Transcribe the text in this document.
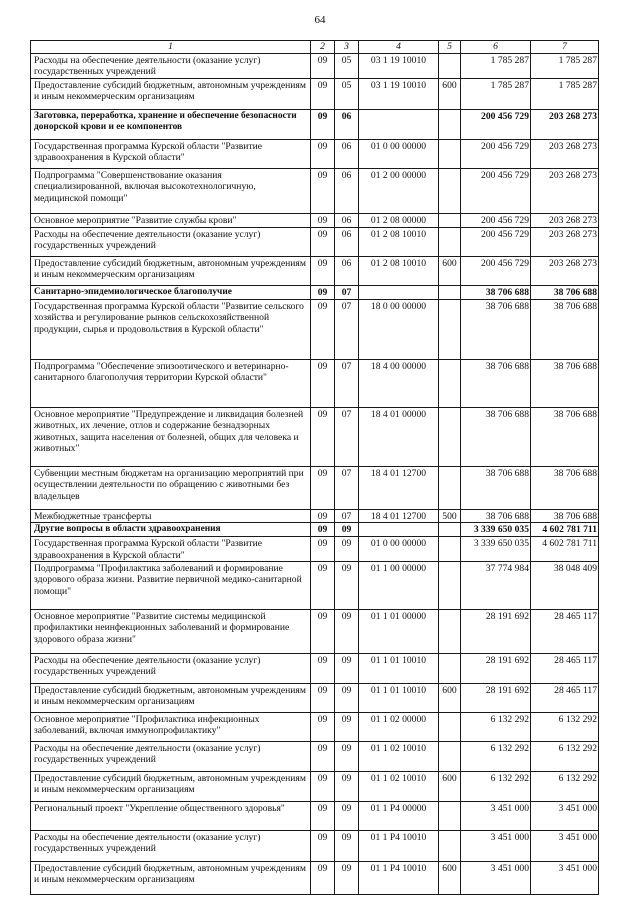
64
1	2	3	4	5	6	7
Расходы на обеспечение деятельности (оказание услуг) государственных учреждений	09	05	03 1 19 10010		1 785 287	1 785 287
Предоставление субсидий бюджетным, автономным учреждениям и иным некоммерческим организациям	09	05	03 1 19 10010	600	1 785 287	1 785 287
Заготовка, переработка, хранение и обеспечение безопасности донорской крови и ее компонентов	09	06			200 456 729	203 268 273
Государственная программа Курской области "Развитие здравоохранения в Курской области"	09	06	01 0 00 00000		200 456 729	203 268 273
Подпрограмма "Совершенствование оказания специализированной, включая высокотехнологичную, медицинской помощи"	09	06	01 2 00 00000		200 456 729	203 268 273
Основное мероприятие "Развитие службы крови"	09	06	01 2 08 00000		200 456 729	203 268 273
Расходы на обеспечение деятельности (оказание услуг) государственных учреждений	09	06	01 2 08 10010		200 456 729	203 268 273
Предоставление субсидий бюджетным, автономным учреждениям и иным некоммерческим организациям	09	06	01 2 08 10010	600	200 456 729	203 268 273
Санитарно-эпидемиологическое благополучие	09	07			38 706 688	38 706 688
Государственная программа Курской области "Развитие сельского хозяйства и регулирование рынков сельскохозяйственной продукции, сырья и продовольствия в Курской области"	09	07	18 0 00 00000		38 706 688	38 706 688
Подпрограмма "Обеспечение эпизоотического и ветеринарно-санитарного благополучия территории Курской области"	09	07	18 4 00 00000		38 706 688	38 706 688
Основное мероприятие "Предупреждение и ликвидация болезней животных, их лечение, отлов и содержание безнадзорных животных, защита населения от болезней, общих для человека и животных"	09	07	18 4 01 00000		38 706 688	38 706 688
Субвенции местным бюджетам на организацию мероприятий при осуществлении деятельности по обращению с животными без владельцев	09	07	18 4 01 12700		38 706 688	38 706 688
Межбюджетные трансферты	09	07	18 4 01 12700	500	38 706 688	38 706 688
Другие вопросы в области здравоохранения	09	09			3 339 650 035	4 602 781 711
Государственная программа Курской области "Развитие здравоохранения в Курской области"	09	09	01 0 00 00000		3 339 650 035	4 602 781 711
Подпрограмма "Профилактика заболеваний и формирование здорового образа жизни. Развитие первичной медико-санитарной помощи"	09	09	01 1 00 00000		37 774 984	38 048 409
Основное мероприятие "Развитие системы медицинской профилактики неинфекционных заболеваний и формирование здорового образа жизни"	09	09	01 1 01 00000		28 191 692	28 465 117
Расходы на обеспечение деятельности (оказание услуг) государственных учреждений	09	09	01 1 01 10010		28 191 692	28 465 117
Предоставление субсидий бюджетным, автономным учреждениям и иным некоммерческим организациям	09	09	01 1 01 10010	600	28 191 692	28 465 117
Основное мероприятие "Профилактика инфекционных заболеваний, включая иммунопрофилактику"	09	09	01 1 02 00000		6 132 292	6 132 292
Расходы на обеспечение деятельности (оказание услуг) государственных учреждений	09	09	01 1 02 10010		6 132 292	6 132 292
Предоставление субсидий бюджетным, автономным учреждениям и иным некоммерческим организациям	09	09	01 1 02 10010	600	6 132 292	6 132 292
Региональный проект "Укрепление общественного здоровья"	09	09	01 1 P4 00000		3 451 000	3 451 000
Расходы на обеспечение деятельности (оказание услуг) государственных учреждений	09	09	01 1 P4 10010		3 451 000	3 451 000
Предоставление субсидий бюджетным, автономным учреждениям и иным некоммерческим организациям	09	09	01 1 P4 10010	600	3 451 000	3 451 000
